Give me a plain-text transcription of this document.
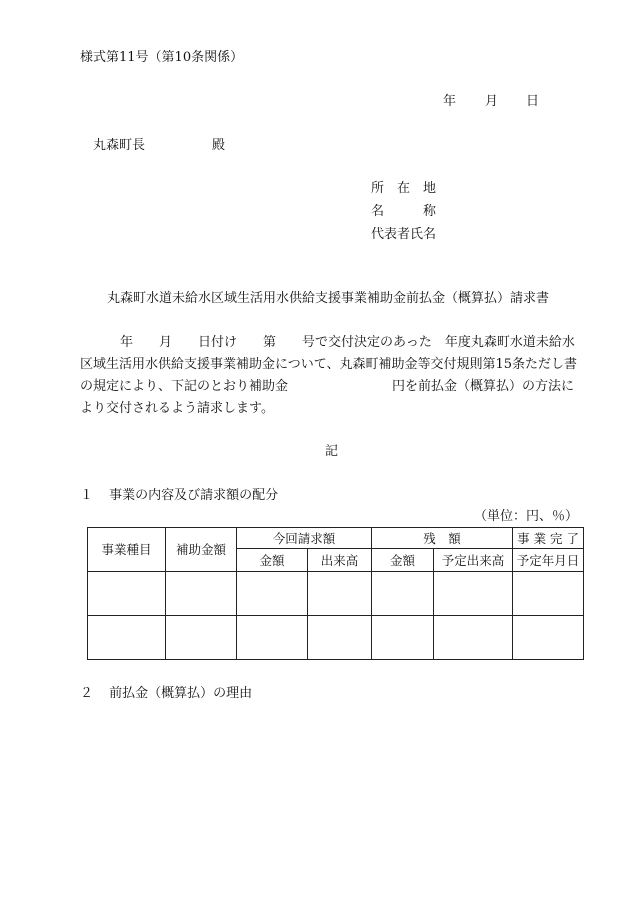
様式第11号（第10条関係）
年 月 日
丸森町長	殿
所　在　地
名　　　称
代表者氏名
丸森町水道未給水区域生活用水供給支援事業補助金前払金（概算払）請求書
年　　月　　日付け　　第　　号で交付決定のあった　年度丸森町水道未給水
区域生活用水供給支援事業補助金について、丸森町補助金等交付規則第15条ただし書
の規定により、下記のとおり補助金　　　　　　　　円を前払金（概算払）の方法に
より交付されるよう請求します。
記
１ 事業の内容及び請求額の配分
（単位：円、％）
事業種目	補助金額	今回請求額		残　額		事 業 完 了
		金額	出来高	金額	予定出来高	予定年月日

２ 前払金（概算払）の理由
